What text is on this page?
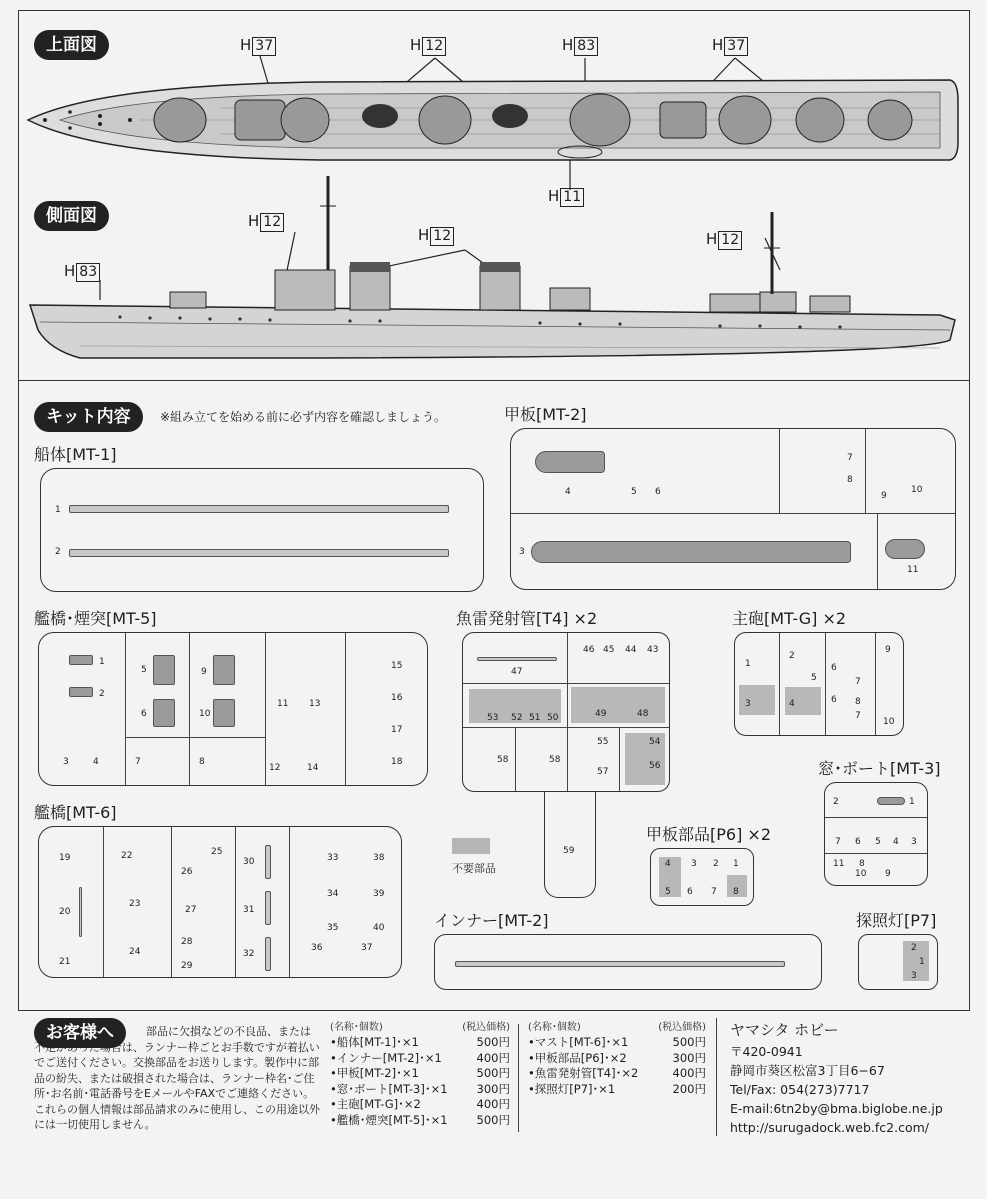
上面図	H 37	H 12	H 83	H 37
H 11
側面図	H 12
H 12	H 12
H 83
キット内容	※組み立てを始める前に必ず内容を確認しましょう。
船体[MT-1]
1
2
甲板[MT-2]
4	5 6
7
8
9
10
3
11
艦橋･煙突[MT-5]
1
2
3	4
5
6
7	8
9
10
11 13
12	14
15
16
17
18
魚雷発射管[T4] ×2
47
46 45 44 43
53 52 51 50	49	48
58	58
55
57
54
56
59
主砲[MT-G] ×2
1
3
2
4
5
6
6
7
7
8
9
10
窓･ボート[MT-3]
2	1
7 6 5 4 3
11
10 9
8
艦橋[MT-6]
19
20
21
22
23
24
25
26
27
28
29
30
31
32
33
34
35
36	37
38
39
40
不要部品
甲板部品[P6] ×2
4 3 2 1
5 6 7 8
インナー[MT-2]	探照灯[P7]
2
1
3
お客様へ	部品に欠損などの不良品、または不足があった場合は、ランナー枠ごとお手数ですが着払いでご送付ください。交換部品をお送りします。製作中に部品の紛失、または破損された場合は、ランナー枠名･ご住所･お名前･電話番号をEメールやFAXでご連絡ください。これらの個人情報は部品請求のみに使用し、この用途以外には一切使用しません。
(名称･個数)	(税込価格)
•船体[MT-1]･×1	500円
•インナー[MT-2]･×1	400円
•甲板[MT-2]･×1	500円
•窓･ボート[MT-3]･×1	300円
•主砲[MT-G]･×2	400円
•艦橋･煙突[MT-5]･×1	500円
(名称･個数)	(税込価格)
•マスト[MT-6]･×1	500円
•甲板部品[P6]･×2	300円
•魚雷発射管[T4]･×2	400円
•探照灯[P7]･×1	200円
ヤマシタ ホビー
〒420-0941
静岡市葵区松富3丁目6−67
Tel/Fax: 054(273)7717
E-mail:6tn2by@bma.biglobe.ne.jp
http://surugadock.web.fc2.com/
